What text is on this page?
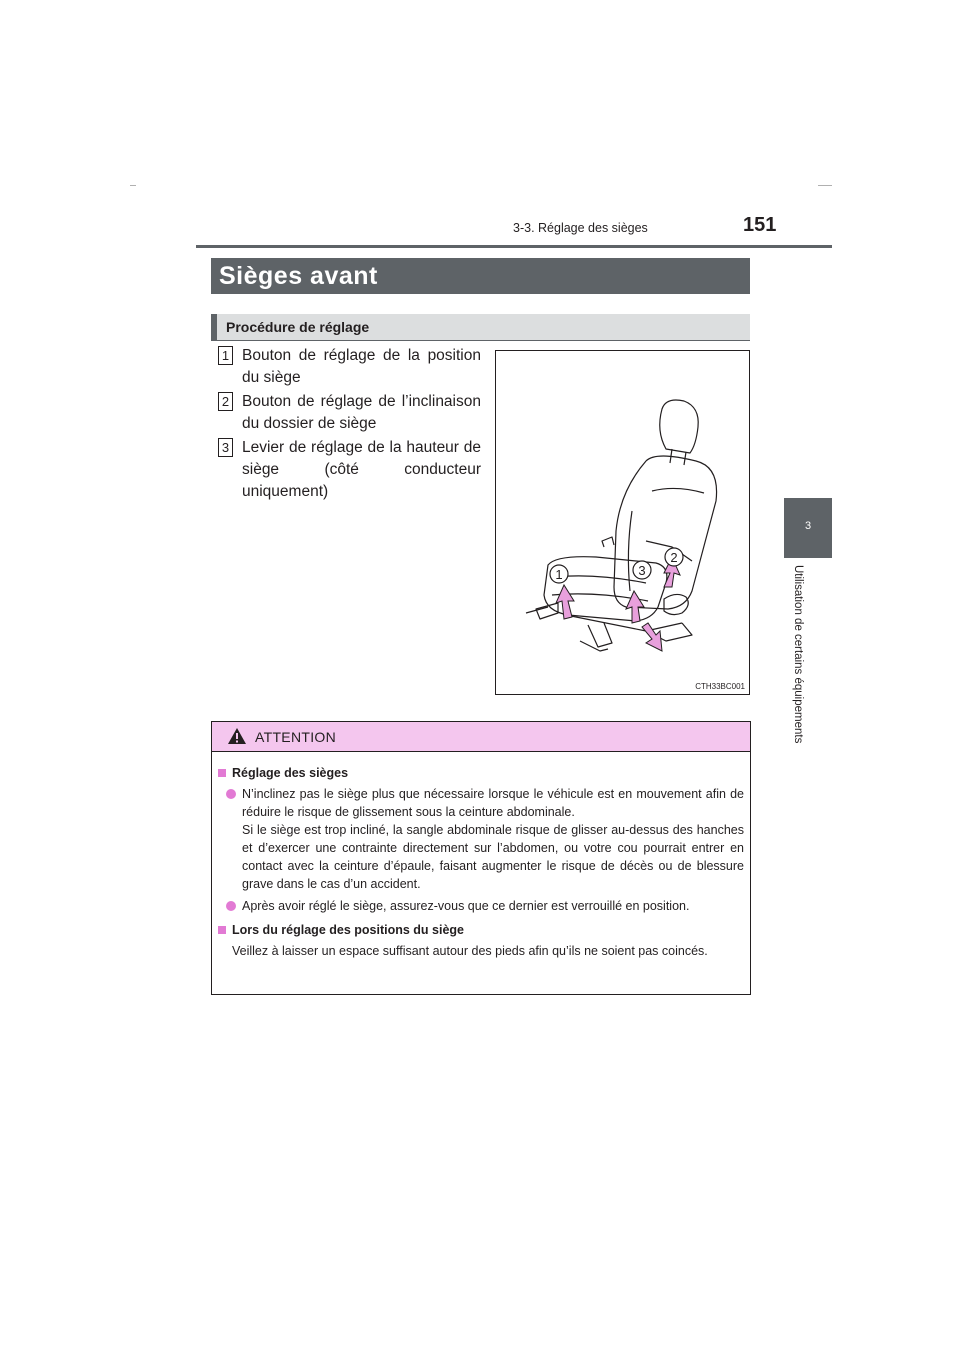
3-3. Réglage des sièges	151
3
Utilisation de certains équipements
Sièges avant
Procédure de réglage
1 Bouton de réglage de la position du siège
2 Bouton de réglage de l’inclinaison du dossier de siège
3 Levier de réglage de la hauteur de siège (côté conducteur uniquement)
1	3
2
CTH33BC001
ATTENTION
Réglage des sièges
N’inclinez pas le siège plus que nécessaire lorsque le véhicule est en mouvement afin de réduire le risque de glissement sous la ceinture abdominale.
Si le siège est trop incliné, la sangle abdominale risque de glisser au-dessus des hanches et d’exercer une contrainte directement sur l’abdomen, ou votre cou pourrait entrer en contact avec la ceinture d’épaule, faisant augmenter le risque de décès ou de blessure grave dans le cas d’un accident.
Après avoir réglé le siège, assurez-vous que ce dernier est verrouillé en position.
Lors du réglage des positions du siège
Veillez à laisser un espace suffisant autour des pieds afin qu’ils ne soient pas coincés.
